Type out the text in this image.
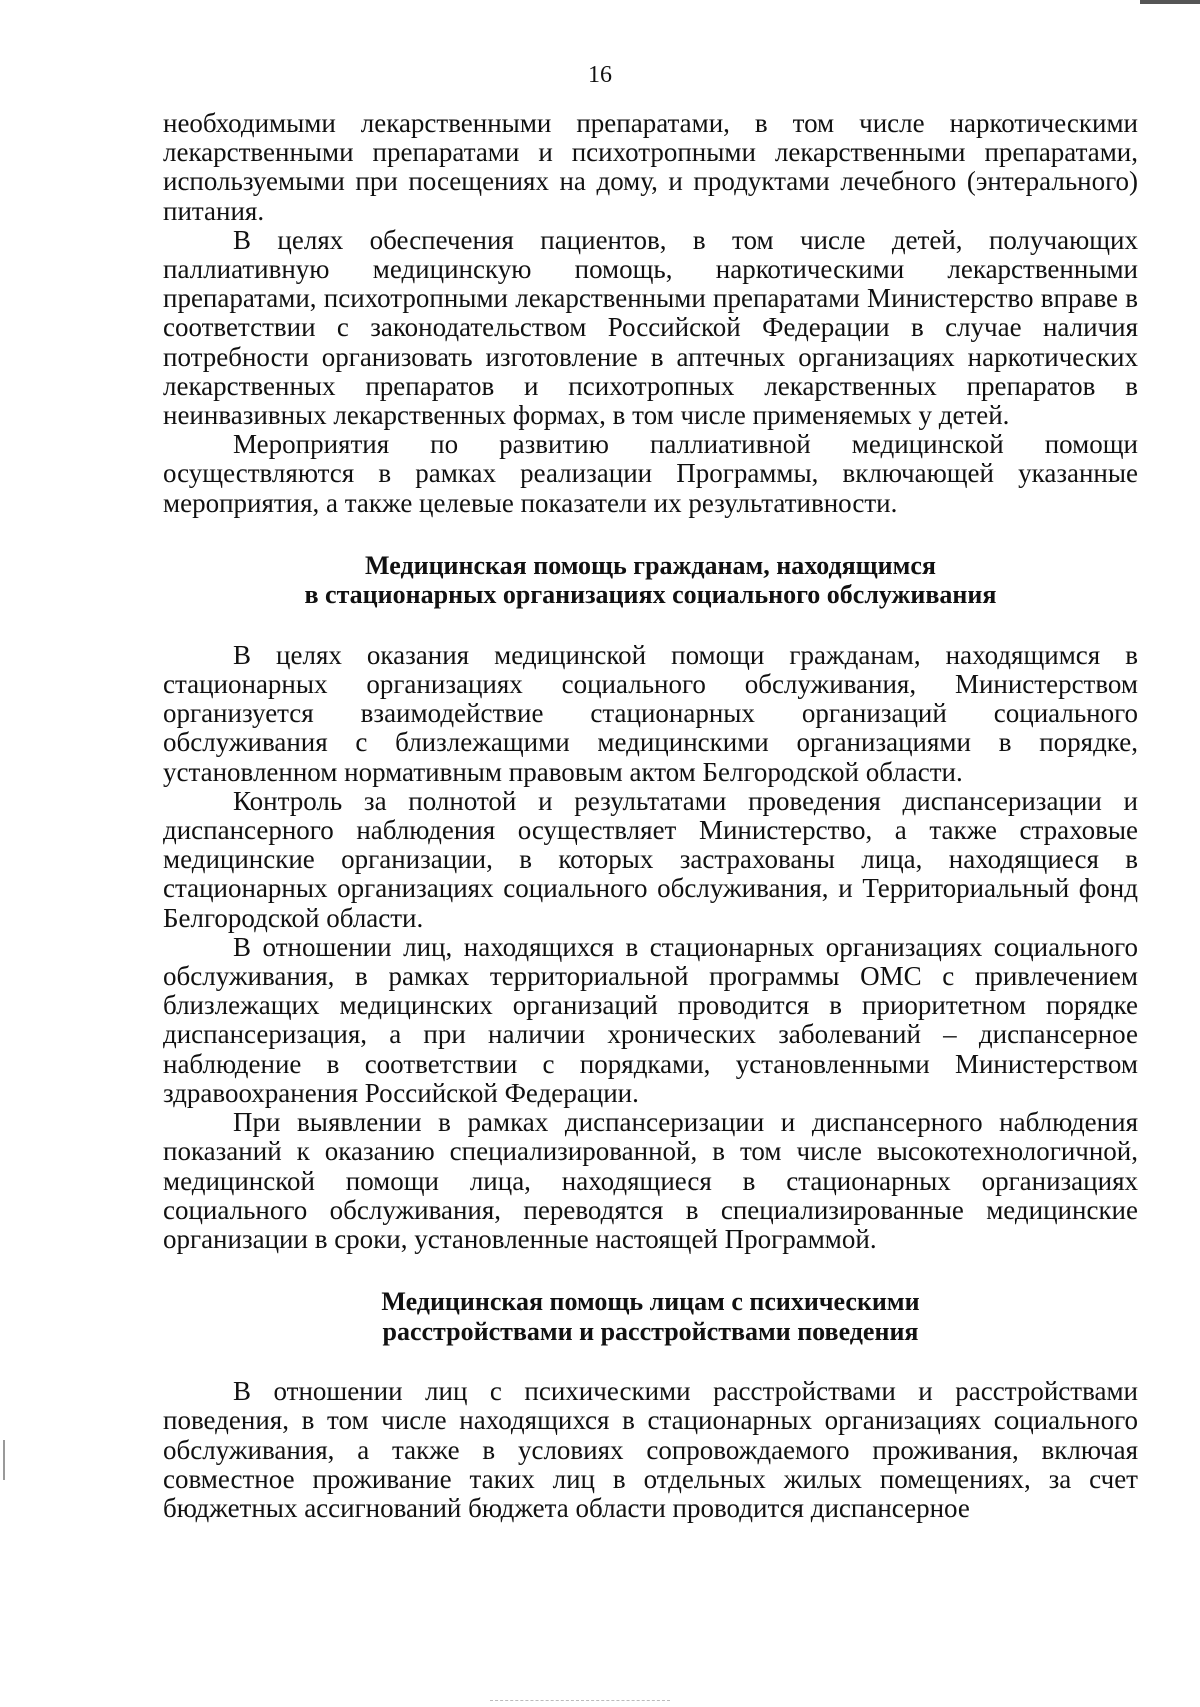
16

необходимыми лекарственными препаратами, в том числе наркотическими лекарственными препаратами и психотропными лекарственными препаратами, используемыми при посещениях на дому, и продуктами лечебного (энтерального) питания.

В целях обеспечения пациентов, в том числе детей, получающих паллиативную медицинскую помощь, наркотическими лекарственными препаратами, психотропными лекарственными препаратами Министерство вправе в соответствии с законодательством Российской Федерации в случае наличия потребности организовать изготовление в аптечных организациях наркотических лекарственных препаратов и психотропных лекарственных препаратов в неинвазивных лекарственных формах, в том числе применяемых у детей.

Мероприятия по развитию паллиативной медицинской помощи осуществляются в рамках реализации Программы, включающей указанные мероприятия, а также целевые показатели их результативности.

Медицинская помощь гражданам, находящимся

в стационарных организациях социального обслуживания

В целях оказания медицинской помощи гражданам, находящимся в стационарных организациях социального обслуживания, Министерством организуется взаимодействие стационарных организаций социального обслуживания с близлежащими медицинскими организациями в порядке, установленном нормативным правовым актом Белгородской области.

Контроль за полнотой и результатами проведения диспансеризации и диспансерного наблюдения осуществляет Министерство, а также страховые медицинские организации, в которых застрахованы лица, находящиеся в стационарных организациях социального обслуживания, и Территориальный фонд Белгородской области.

В отношении лиц, находящихся в стационарных организациях социального обслуживания, в рамках территориальной программы ОМС с привлечением близлежащих медицинских организаций проводится в приоритетном порядке диспансеризация, а при наличии хронических заболеваний – диспансерное наблюдение в соответствии с порядками, установленными Министерством здравоохранения Российской Федерации.

При выявлении в рамках диспансеризации и диспансерного наблюдения показаний к оказанию специализированной, в том числе высокотехнологичной, медицинской помощи лица, находящиеся в стационарных организациях социального обслуживания, переводятся в специализированные медицинские организации в сроки, установленные настоящей Программой.

Медицинская помощь лицам с психическими

расстройствами и расстройствами поведения

В отношении лиц с психическими расстройствами и расстройствами поведения, в том числе находящихся в стационарных организациях социального обслуживания, а также в условиях сопровождаемого проживания, включая совместное проживание таких лиц в отдельных жилых помещениях, за счет бюджетных ассигнований бюджета области проводится диспансерное
